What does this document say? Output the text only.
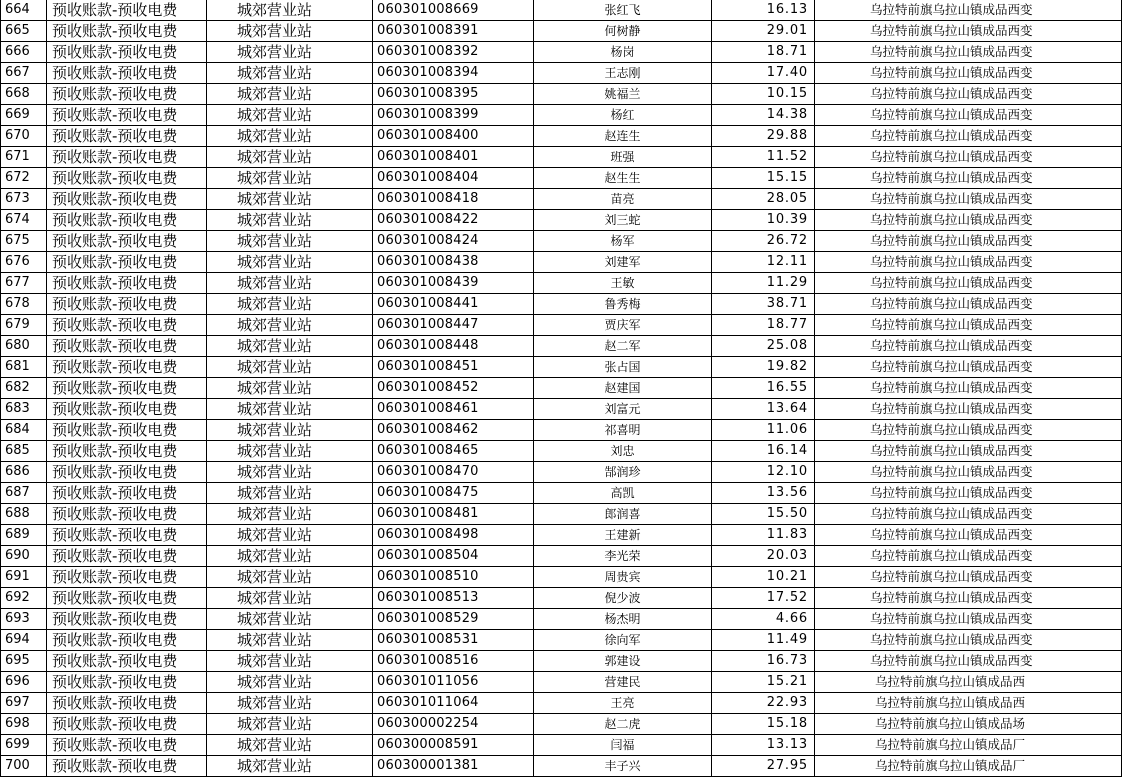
664	预收账款-预收电费	城郊营业站	060301008669	张红飞	16.13	乌拉特前旗乌拉山镇成品西变
665	预收账款-预收电费	城郊营业站	060301008391	何树静	29.01	乌拉特前旗乌拉山镇成品西变
666	预收账款-预收电费	城郊营业站	060301008392	杨岗	18.71	乌拉特前旗乌拉山镇成品西变
667	预收账款-预收电费	城郊营业站	060301008394	王志刚	17.40	乌拉特前旗乌拉山镇成品西变
668	预收账款-预收电费	城郊营业站	060301008395	姚福兰	10.15	乌拉特前旗乌拉山镇成品西变
669	预收账款-预收电费	城郊营业站	060301008399	杨红	14.38	乌拉特前旗乌拉山镇成品西变
670	预收账款-预收电费	城郊营业站	060301008400	赵连生	29.88	乌拉特前旗乌拉山镇成品西变
671	预收账款-预收电费	城郊营业站	060301008401	班强	11.52	乌拉特前旗乌拉山镇成品西变
672	预收账款-预收电费	城郊营业站	060301008404	赵生生	15.15	乌拉特前旗乌拉山镇成品西变
673	预收账款-预收电费	城郊营业站	060301008418	苗亮	28.05	乌拉特前旗乌拉山镇成品西变
674	预收账款-预收电费	城郊营业站	060301008422	刘三蛇	10.39	乌拉特前旗乌拉山镇成品西变
675	预收账款-预收电费	城郊营业站	060301008424	杨军	26.72	乌拉特前旗乌拉山镇成品西变
676	预收账款-预收电费	城郊营业站	060301008438	刘建军	12.11	乌拉特前旗乌拉山镇成品西变
677	预收账款-预收电费	城郊营业站	060301008439	王敏	11.29	乌拉特前旗乌拉山镇成品西变
678	预收账款-预收电费	城郊营业站	060301008441	鲁秀梅	38.71	乌拉特前旗乌拉山镇成品西变
679	预收账款-预收电费	城郊营业站	060301008447	贾庆军	18.77	乌拉特前旗乌拉山镇成品西变
680	预收账款-预收电费	城郊营业站	060301008448	赵二军	25.08	乌拉特前旗乌拉山镇成品西变
681	预收账款-预收电费	城郊营业站	060301008451	张占国	19.82	乌拉特前旗乌拉山镇成品西变
682	预收账款-预收电费	城郊营业站	060301008452	赵建国	16.55	乌拉特前旗乌拉山镇成品西变
683	预收账款-预收电费	城郊营业站	060301008461	刘富元	13.64	乌拉特前旗乌拉山镇成品西变
684	预收账款-预收电费	城郊营业站	060301008462	祁喜明	11.06	乌拉特前旗乌拉山镇成品西变
685	预收账款-预收电费	城郊营业站	060301008465	刘忠	16.14	乌拉特前旗乌拉山镇成品西变
686	预收账款-预收电费	城郊营业站	060301008470	郜润珍	12.10	乌拉特前旗乌拉山镇成品西变
687	预收账款-预收电费	城郊营业站	060301008475	高凯	13.56	乌拉特前旗乌拉山镇成品西变
688	预收账款-预收电费	城郊营业站	060301008481	郎润喜	15.50	乌拉特前旗乌拉山镇成品西变
689	预收账款-预收电费	城郊营业站	060301008498	王建新	11.83	乌拉特前旗乌拉山镇成品西变
690	预收账款-预收电费	城郊营业站	060301008504	李光荣	20.03	乌拉特前旗乌拉山镇成品西变
691	预收账款-预收电费	城郊营业站	060301008510	周贵宾	10.21	乌拉特前旗乌拉山镇成品西变
692	预收账款-预收电费	城郊营业站	060301008513	倪少波	17.52	乌拉特前旗乌拉山镇成品西变
693	预收账款-预收电费	城郊营业站	060301008529	杨杰明	4.66	乌拉特前旗乌拉山镇成品西变
694	预收账款-预收电费	城郊营业站	060301008531	徐向军	11.49	乌拉特前旗乌拉山镇成品西变
695	预收账款-预收电费	城郊营业站	060301008516	郭建设	16.73	乌拉特前旗乌拉山镇成品西变
696	预收账款-预收电费	城郊营业站	060301011056	营建民	15.21	乌拉特前旗乌拉山镇成品西
697	预收账款-预收电费	城郊营业站	060301011064	王亮	22.93	乌拉特前旗乌拉山镇成品西
698	预收账款-预收电费	城郊营业站	060300002254	赵二虎	15.18	乌拉特前旗乌拉山镇成品场
699	预收账款-预收电费	城郊营业站	060300008591	闫福	13.13	乌拉特前旗乌拉山镇成品厂
700	预收账款-预收电费	城郊营业站	060300001381	丰子兴	27.95	乌拉特前旗乌拉山镇成品厂
